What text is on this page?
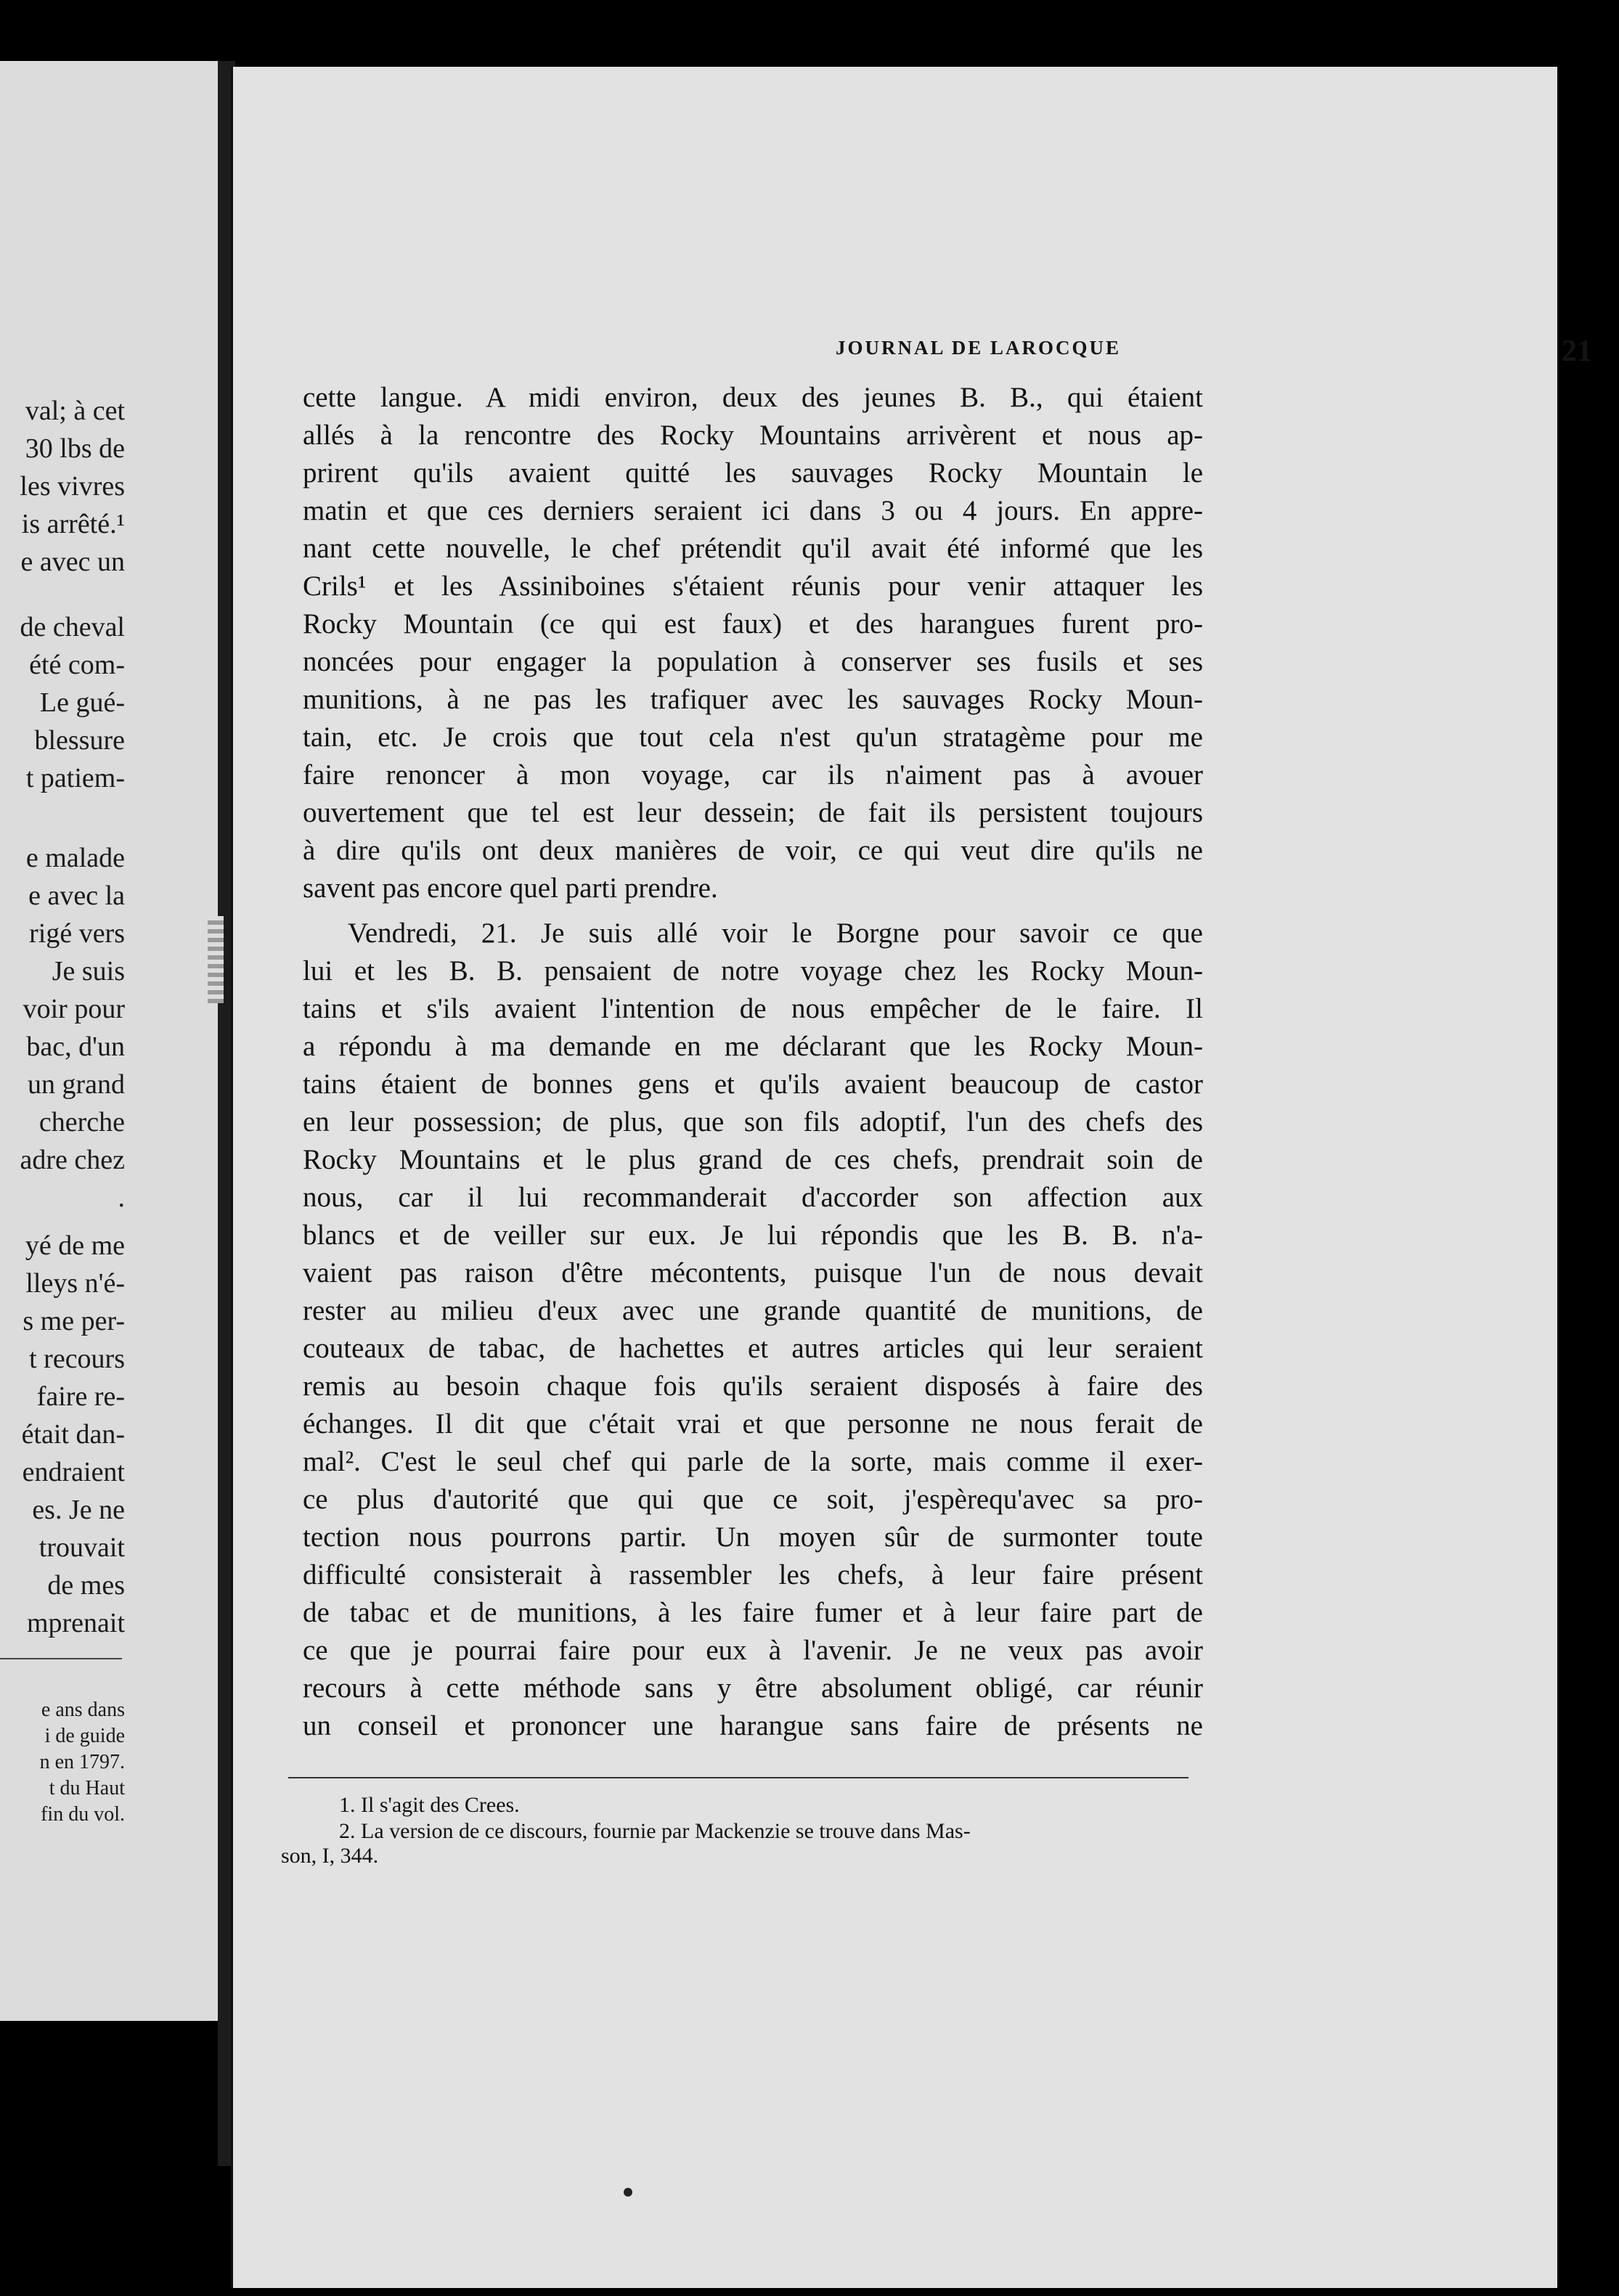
val; à cet
30 lbs de
les vivres
is arrêté.¹
e avec un
de cheval
été com-
Le gué-
blessure
t patiem-
e malade
e avec la
rigé vers
Je suis
voir pour
bac, d'un
un grand
cherche
adre chez
.
yé de me
lleys n'é-
s me per-
t recours
faire re-
était dan-
endraient
es. Je ne
trouvait
de mes
mprenait
e ans dans
i de guide
n en 1797.
t du Haut
fin du vol.
JOURNAL DE LAROCQUE	21
cette langue. A midi environ, deux des jeunes B. B., qui étaient
allés à la rencontre des Rocky Mountains arrivèrent et nous ap-
prirent qu'ils avaient quitté les sauvages Rocky Mountain le
matin et que ces derniers seraient ici dans 3 ou 4 jours. En appre-
nant cette nouvelle, le chef prétendit qu'il avait été informé que les
Crils¹ et les Assiniboines s'étaient réunis pour venir attaquer les
Rocky Mountain (ce qui est faux) et des harangues furent pro-
noncées pour engager la population à conserver ses fusils et ses
munitions, à ne pas les trafiquer avec les sauvages Rocky Moun-
tain, etc. Je crois que tout cela n'est qu'un stratagème pour me
faire renoncer à mon voyage, car ils n'aiment pas à avouer
ouvertement que tel est leur dessein; de fait ils persistent toujours
à dire qu'ils ont deux manières de voir, ce qui veut dire qu'ils ne
savent pas encore quel parti prendre.
Vendredi, 21. Je suis allé voir le Borgne pour savoir ce que
lui et les B. B. pensaient de notre voyage chez les Rocky Moun-
tains et s'ils avaient l'intention de nous empêcher de le faire. Il
a répondu à ma demande en me déclarant que les Rocky Moun-
tains étaient de bonnes gens et qu'ils avaient beaucoup de castor
en leur possession; de plus, que son fils adoptif, l'un des chefs des
Rocky Mountains et le plus grand de ces chefs, prendrait soin de
nous, car il lui recommanderait d'accorder son affection aux
blancs et de veiller sur eux. Je lui répondis que les B. B. n'a-
vaient pas raison d'être mécontents, puisque l'un de nous devait
rester au milieu d'eux avec une grande quantité de munitions, de
couteaux de tabac, de hachettes et autres articles qui leur seraient
remis au besoin chaque fois qu'ils seraient disposés à faire des
échanges. Il dit que c'était vrai et que personne ne nous ferait de
mal². C'est le seul chef qui parle de la sorte, mais comme il exer-
ce plus d'autorité que qui que ce soit, j'espèrequ'avec sa pro-
tection nous pourrons partir. Un moyen sûr de surmonter toute
difficulté consisterait à rassembler les chefs, à leur faire présent
de tabac et de munitions, à les faire fumer et à leur faire part de
ce que je pourrai faire pour eux à l'avenir. Je ne veux pas avoir
recours à cette méthode sans y être absolument obligé, car réunir
un conseil et prononcer une harangue sans faire de présents ne
1. Il s'agit des Crees.
2. La version de ce discours, fournie par Mackenzie se trouve dans Mas-
son, I, 344.
